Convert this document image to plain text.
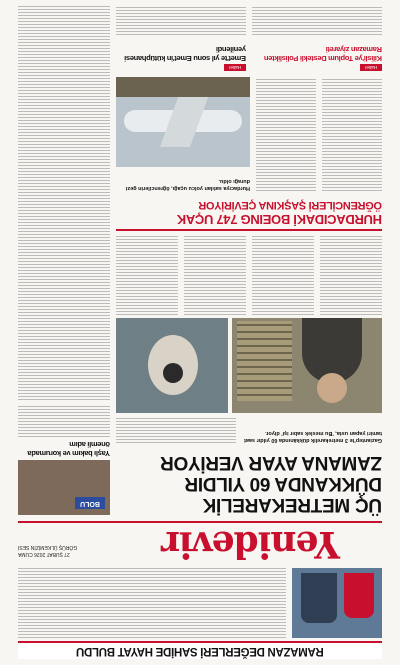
RAMAZAN DEĞERLERİ SAHİDE HAYAT BULDU
Yenidevir
27 ŞUBAT 2026 CUMA
GÖRÜŞ ÜLKEMİZİN SESİ
BOLU
Yaşlı bakım ve korumada önemli adım
ÜÇ METREKARELİK
DÜKKANDA 60 YILDIR
ZAMANA AYAR VERİYOR
Gaziantep'te 3 metrekarelik dükkânında 60 yıldır saat tamiri yapan usta, 'Bu meslek sabır işi' diyor.
HURDACIDAKİ BOEING 747 UÇAK
ÖĞRENCİLERİ ŞAŞKINA ÇEVİRİYOR
Hurdacıya satılan yolcu uçağı, öğrencilerin gezi durağı oldu.
Haber
Kilisli'ye Toplum Destekli Polislikten Ramazan ziyareti
Haber
Emet'te yıl sonu Emet'in kütüphanesi yenilendi
